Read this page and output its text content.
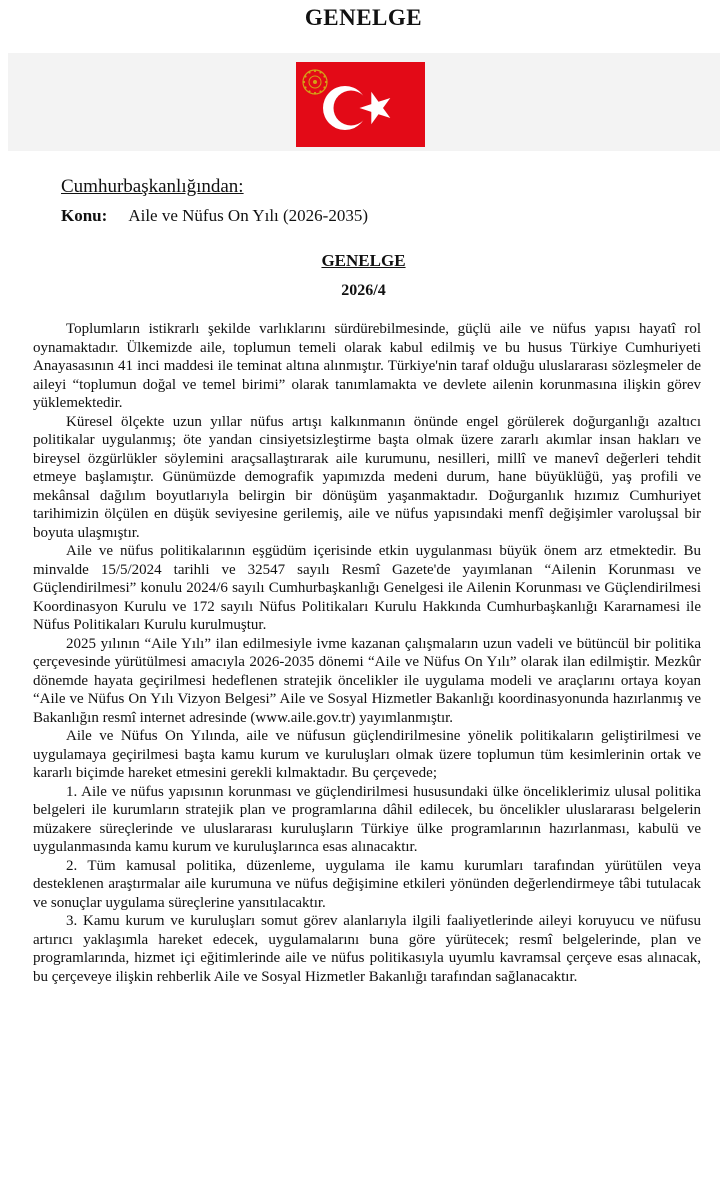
GENELGE
Cumhurbaşkanlığından:
Konu: Aile ve Nüfus On Yılı (2026-2035)
GENELGE
2026/4

Toplumların istikrarlı şekilde varlıklarını sürdürebilmesinde, güçlü aile ve nüfus yapısı hayatî rol oynamaktadır. Ülkemizde aile, toplumun temeli olarak kabul edilmiş ve bu husus Türkiye Cumhuriyeti Anayasasının 41 inci maddesi ile teminat altına alınmıştır. Türkiye'nin taraf olduğu uluslararası sözleşmeler de aileyi “toplumun doğal ve temel birimi” olarak tanımlamakta ve devlete ailenin korunmasına ilişkin görev yüklemektedir.

Küresel ölçekte uzun yıllar nüfus artışı kalkınmanın önünde engel görülerek doğurganlığı azaltıcı politikalar uygulanmış; öte yandan cinsiyetsizleştirme başta olmak üzere zararlı akımlar insan hakları ve bireysel özgürlükler söylemini araçsallaştırarak aile kurumunu, nesilleri, millî ve manevî değerleri tehdit etmeye başlamıştır. Günümüzde demografik yapımızda medeni durum, hane büyüklüğü, yaş profili ve mekânsal dağılım boyutlarıyla belirgin bir dönüşüm yaşanmaktadır. Doğurganlık hızımız Cumhuriyet tarihimizin ölçülen en düşük seviyesine gerilemiş, aile ve nüfus yapısındaki menfî değişimler varoluşsal bir boyuta ulaşmıştır.

Aile ve nüfus politikalarının eşgüdüm içerisinde etkin uygulanması büyük önem arz etmektedir. Bu minvalde 15/5/2024 tarihli ve 32547 sayılı Resmî Gazete'de yayımlanan “Ailenin Korunması ve Güçlendirilmesi” konulu 2024/6 sayılı Cumhurbaşkanlığı Genelgesi ile Ailenin Korunması ve Güçlendirilmesi Koordinasyon Kurulu ve 172 sayılı Nüfus Politikaları Kurulu Hakkında Cumhurbaşkanlığı Kararnamesi ile Nüfus Politikaları Kurulu kurulmuştur.

2025 yılının “Aile Yılı” ilan edilmesiyle ivme kazanan çalışmaların uzun vadeli ve bütüncül bir politika çerçevesinde yürütülmesi amacıyla 2026-2035 dönemi “Aile ve Nüfus On Yılı” olarak ilan edilmiştir. Mezkûr dönemde hayata geçirilmesi hedeflenen stratejik öncelikler ile uygulama modeli ve araçlarını ortaya koyan “Aile ve Nüfus On Yılı Vizyon Belgesi” Aile ve Sosyal Hizmetler Bakanlığı koordinasyonunda hazırlanmış ve Bakanlığın resmî internet adresinde (www.aile.gov.tr) yayımlanmıştır.

Aile ve Nüfus On Yılında, aile ve nüfusun güçlendirilmesine yönelik politikaların geliştirilmesi ve uygulamaya geçirilmesi başta kamu kurum ve kuruluşları olmak üzere toplumun tüm kesimlerinin ortak ve kararlı biçimde hareket etmesini gerekli kılmaktadır. Bu çerçevede;

1. Aile ve nüfus yapısının korunması ve güçlendirilmesi hususundaki ülke önceliklerimiz ulusal politika belgeleri ile kurumların stratejik plan ve programlarına dâhil edilecek, bu öncelikler uluslararası belgelerin müzakere süreçlerinde ve uluslararası kuruluşların Türkiye ülke programlarının hazırlanması, kabulü ve uygulanmasında kamu kurum ve kuruluşlarınca esas alınacaktır.

2. Tüm kamusal politika, düzenleme, uygulama ile kamu kurumları tarafından yürütülen veya desteklenen araştırmalar aile kurumuna ve nüfus değişimine etkileri yönünden değerlendirmeye tâbi tutulacak ve sonuçlar uygulama süreçlerine yansıtılacaktır.

3. Kamu kurum ve kuruluşları somut görev alanlarıyla ilgili faaliyetlerinde aileyi koruyucu ve nüfusu artırıcı yaklaşımla hareket edecek, uygulamalarını buna göre yürütecek; resmî belgelerinde, plan ve programlarında, hizmet içi eğitimlerinde aile ve nüfus politikasıyla uyumlu kavramsal çerçeve esas alınacak, bu çerçeveye ilişkin rehberlik Aile ve Sosyal Hizmetler Bakanlığı tarafından sağlanacaktır.
